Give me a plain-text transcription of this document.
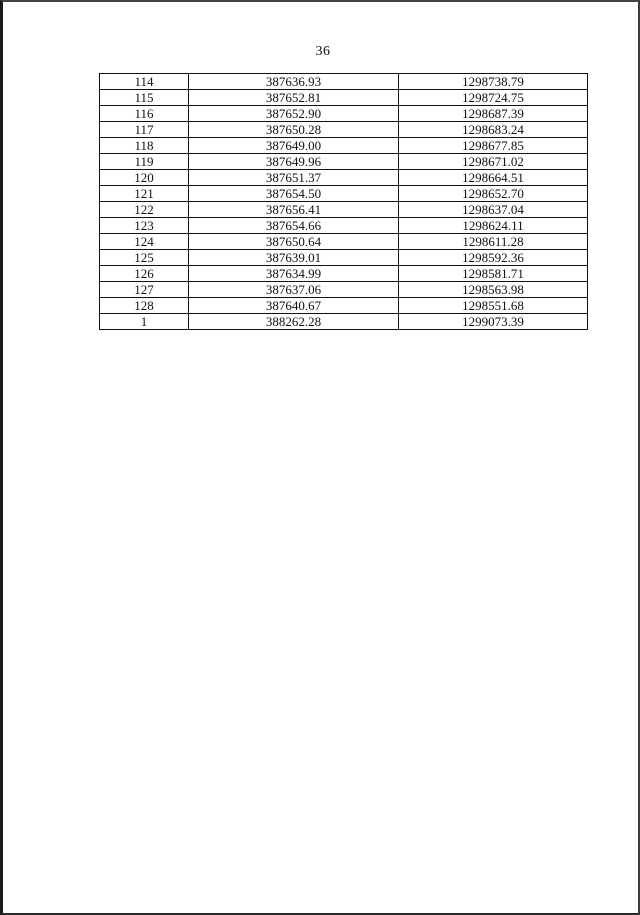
36
114	387636.93	1298738.79
115	387652.81	1298724.75
116	387652.90	1298687.39
117	387650.28	1298683.24
118	387649.00	1298677.85
119	387649.96	1298671.02
120	387651.37	1298664.51
121	387654.50	1298652.70
122	387656.41	1298637.04
123	387654.66	1298624.11
124	387650.64	1298611.28
125	387639.01	1298592.36
126	387634.99	1298581.71
127	387637.06	1298563.98
128	387640.67	1298551.68
1	388262.28	1299073.39
